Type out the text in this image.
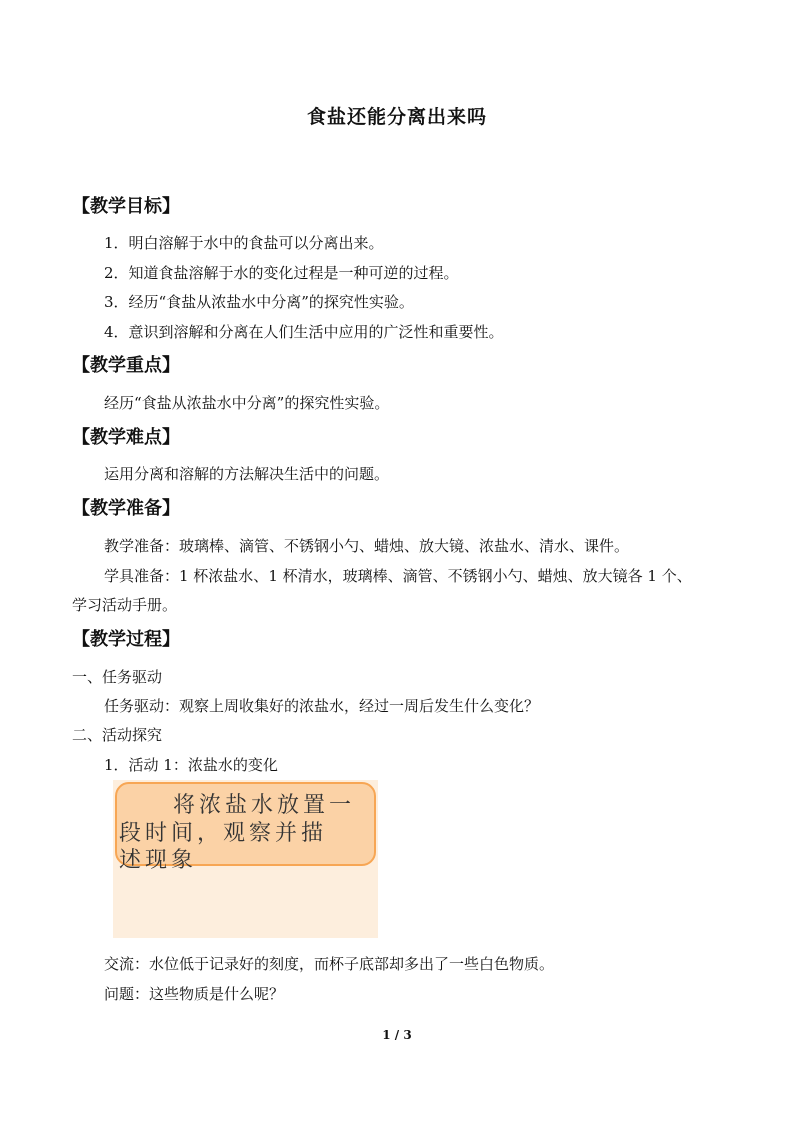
食盐还能分离出来吗
【教学目标】
1．明白溶解于水中的食盐可以分离出来。
2．知道食盐溶解于水的变化过程是一种可逆的过程。
3．经历“食盐从浓盐水中分离”的探究性实验。
4．意识到溶解和分离在人们生活中应用的广泛性和重要性。
【教学重点】
经历“食盐从浓盐水中分离”的探究性实验。
【教学难点】
运用分离和溶解的方法解决生活中的问题。
【教学准备】
教学准备：玻璃棒、滴管、不锈钢小勺、蜡烛、放大镜、浓盐水、清水、课件。
学具准备：1 杯浓盐水、1 杯清水，玻璃棒、滴管、不锈钢小勺、蜡烛、放大镜各 1 个、
学习活动手册。
【教学过程】
一、任务驱动
任务驱动：观察上周收集好的浓盐水，经过一周后发生什么变化？
二、活动探究
1．活动 1：浓盐水的变化
将浓盐水放置一
段时间，观察并描
述现象
交流：水位低于记录好的刻度，而杯子底部却多出了一些白色物质。
问题：这些物质是什么呢？
1 / 3
